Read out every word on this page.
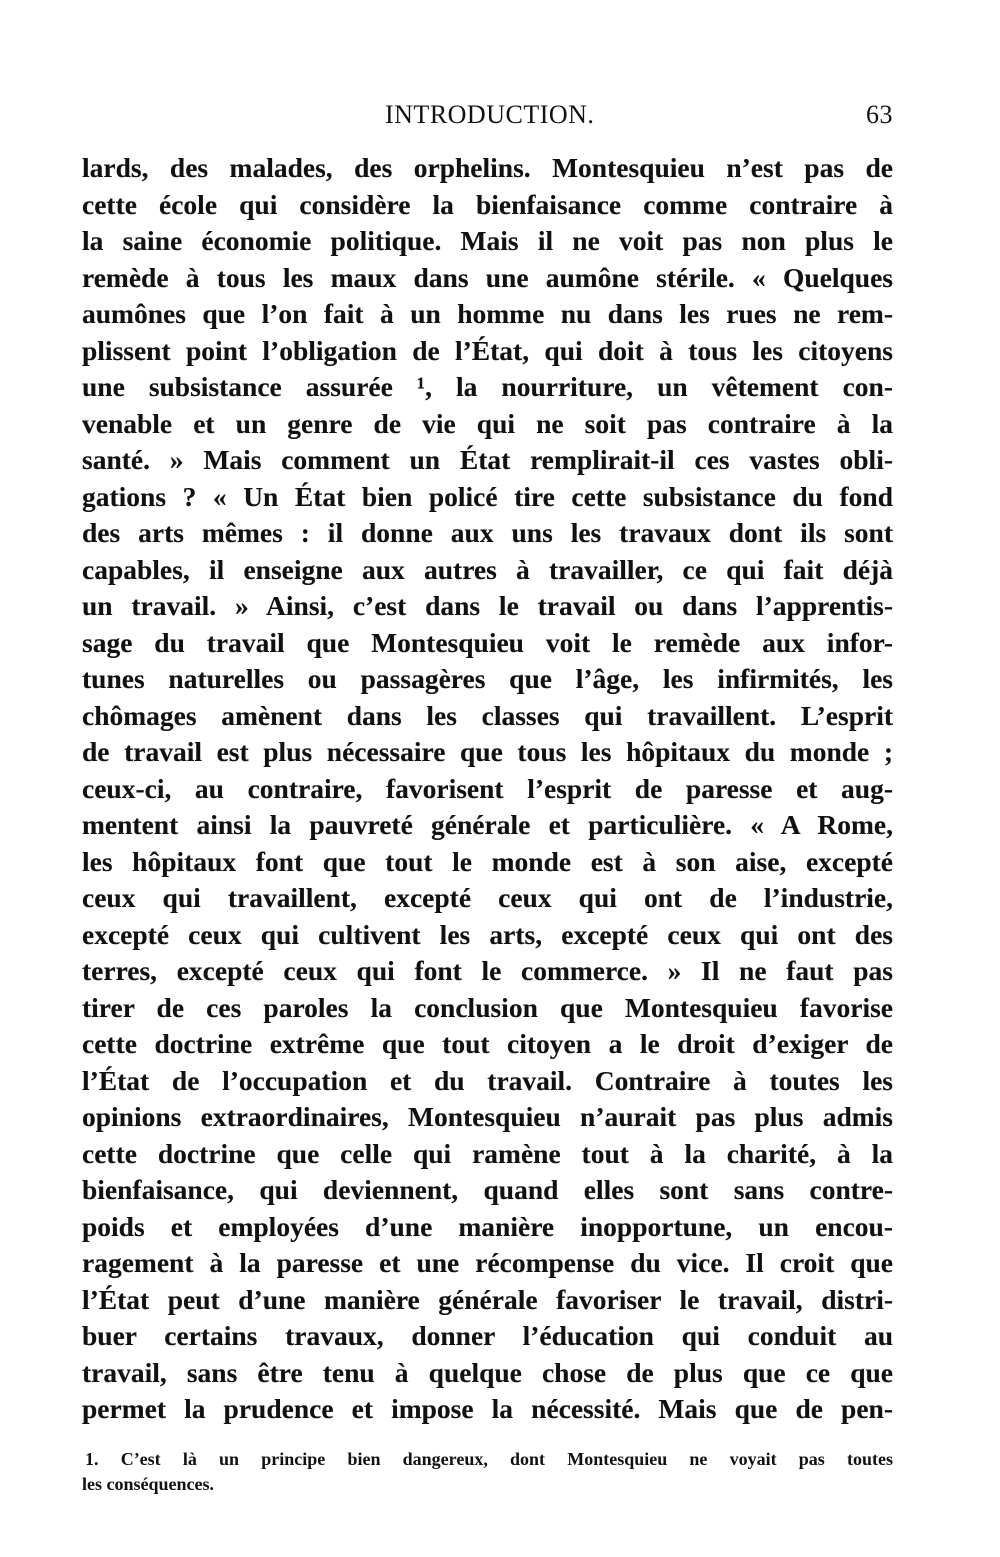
INTRODUCTION.	63
lards, des malades, des orphelins. Montesquieu n’est pas de
cette école qui considère la bienfaisance comme contraire à
la saine économie politique. Mais il ne voit pas non plus le
remède à tous les maux dans une aumône stérile. « Quelques
aumônes que l’on fait à un homme nu dans les rues ne rem-
plissent point l’obligation de l’État, qui doit à tous les citoyens
une subsistance assurée ¹, la nourriture, un vêtement con-
venable et un genre de vie qui ne soit pas contraire à la
santé. » Mais comment un État remplirait-il ces vastes obli-
gations ? « Un État bien policé tire cette subsistance du fond
des arts mêmes : il donne aux uns les travaux dont ils sont
capables, il enseigne aux autres à travailler, ce qui fait déjà
un travail. » Ainsi, c’est dans le travail ou dans l’apprentis-
sage du travail que Montesquieu voit le remède aux infor-
tunes naturelles ou passagères que l’âge, les infirmités, les
chômages amènent dans les classes qui travaillent. L’esprit
de travail est plus nécessaire que tous les hôpitaux du monde ;
ceux-ci, au contraire, favorisent l’esprit de paresse et aug-
mentent ainsi la pauvreté générale et particulière. « A Rome,
les hôpitaux font que tout le monde est à son aise, excepté
ceux qui travaillent, excepté ceux qui ont de l’industrie,
excepté ceux qui cultivent les arts, excepté ceux qui ont des
terres, excepté ceux qui font le commerce. » Il ne faut pas
tirer de ces paroles la conclusion que Montesquieu favorise
cette doctrine extrême que tout citoyen a le droit d’exiger de
l’État de l’occupation et du travail. Contraire à toutes les
opinions extraordinaires, Montesquieu n’aurait pas plus admis
cette doctrine que celle qui ramène tout à la charité, à la
bienfaisance, qui deviennent, quand elles sont sans contre-
poids et employées d’une manière inopportune, un encou-
ragement à la paresse et une récompense du vice. Il croit que
l’État peut d’une manière générale favoriser le travail, distri-
buer certains travaux, donner l’éducation qui conduit au
travail, sans être tenu à quelque chose de plus que ce que
permet la prudence et impose la nécessité. Mais que de pen-
1. C’est là un principe bien dangereux, dont Montesquieu ne voyait pas toutes
les conséquences.
